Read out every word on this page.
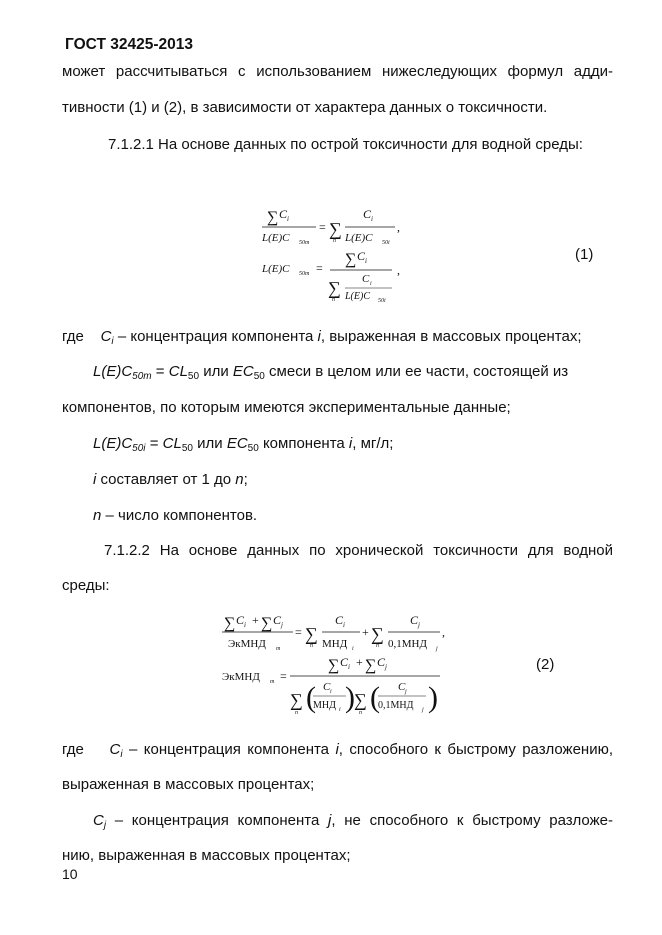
ГОСТ 32425-2013
может рассчитываться с использованием нижеследующих формул адди-
тивности (1) и (2), в зависимости от характера данных о токсичности.
7.1.2.1 На основе данных по острой токсичности для водной среды:
∑ C i
L(E)C 50m
= ∑
n
C i
L(E)C 50i
,
L(E)C 50m = ∑ C i
∑
n
C i
L(E)C 50i
,
(1)
где $C_i$ – концентрация компонента i, выраженная в массовых процентах;
$L(E)C_{50m} = CL_{50}$ или $EC_{50}$ смеси в целом или ее части, состоящей из
компонентов, по которым имеются экспериментальные данные;
$L(E)C_{50i} = CL_{50}$ или $EC_{50}$ компонента i, мг/л;
i составляет от 1 до n;
n – число компонентов.
7.1.2.2 На основе данных по хронической токсичности для водной
среды:
∑ C i + ∑ C j
ЭкМНД m
= ∑
n
C i
МНД i
+ ∑
n
C j
0,1МНД j
,
ЭкМНД m =
∑ C i + ∑ C j
∑
n ( C i
МНД i ) ∑
n ( C j
0,1МНД j )
(2)
где $C_i$ – концентрация компонента i, способного к быстрому разложению,
выраженная в массовых процентах;
$C_j$ – концентрация компонента j, не способного к быстрому разложе-
нию, выраженная в массовых процентах;
10
